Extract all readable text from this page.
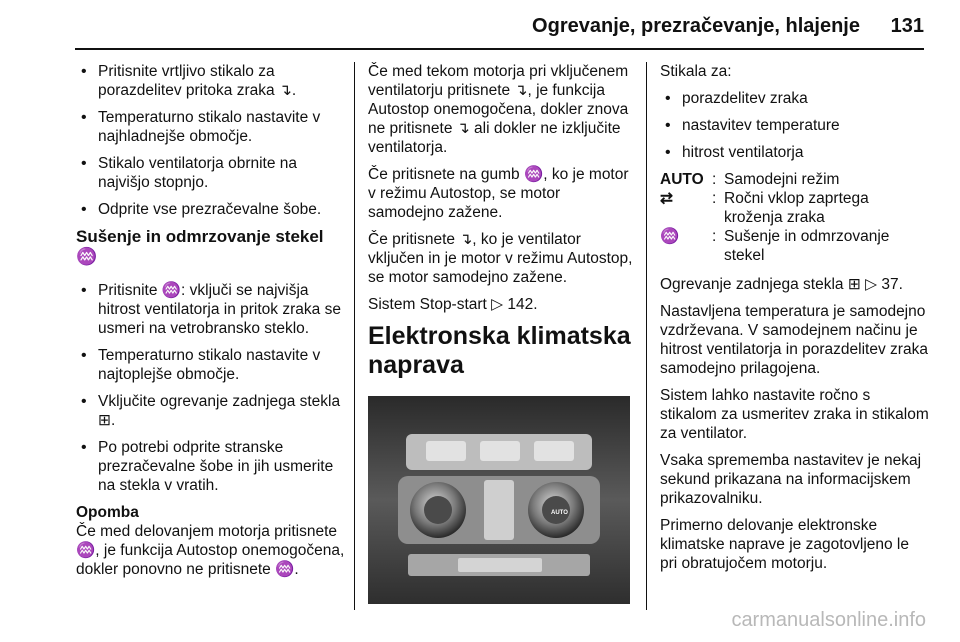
Ogrevanje, prezračevanje, hlajenje 131
• Pritisnite vrtljivo stikalo za porazdelitev pritoka zraka ↴.
• Temperaturno stikalo nastavite v najhladnejše območje.
• Stikalo ventilatorja obrnite na najvišjo stopnjo.
• Odprite vse prezračevalne šobe.
Sušenje in odmrzovanje stekel ♒
• Pritisnite ♒: vključi se najvišja hitrost ventilatorja in pritok zraka se usmeri na vetrobransko steklo.
• Temperaturno stikalo nastavite v najtoplejše območje.
• Vključite ogrevanje zadnjega stekla ⊞.
• Po potrebi odprite stranske prezračevalne šobe in jih usmerite na stekla v vratih.
Opomba

Če med delovanjem motorja pritisnete ♒, je funkcija Autostop onemogočena, dokler ponovno ne pritisnete ♒.

Če med tekom motorja pri vključenem ventilatorju pritisnete ↴, je funkcija Autostop onemogočena, dokler znova ne pritisnete ↴ ali dokler ne izključite ventilatorja.

Če pritisnete na gumb ♒, ko je motor v režimu Autostop, se motor samodejno zažene.

Če pritisnete ↴, ko je ventilator vključen in je motor v režimu Autostop, se motor samodejno zažene.

Sistem Stop-start ▷ 142.

Elektronska klimatska naprava
AUTO

Stikala za:

• porazdelitev zraka
• nastavitev temperature
• hitrost ventilatorja
AUTO	:	Samodejni režim
⇄	:	Ročni vklop zaprtega kroženja zraka
♒	:	Sušenje in odmrzovanje stekel

Ogrevanje zadnjega stekla ⊞ ▷ 37.

Nastavljena temperatura je samodejno vzdrževana. V samodejnem načinu je hitrost ventilatorja in porazdelitev zraka samodejno prilagojena.

Sistem lahko nastavite ročno s stikalom za usmeritev zraka in stikalom za ventilator.

Vsaka sprememba nastavitev je nekaj sekund prikazana na informacijskem prikazovalniku.

Primerno delovanje elektronske klimatske naprave je zagotovljeno le pri obratujočem motorju.

carmanualsonline.info
